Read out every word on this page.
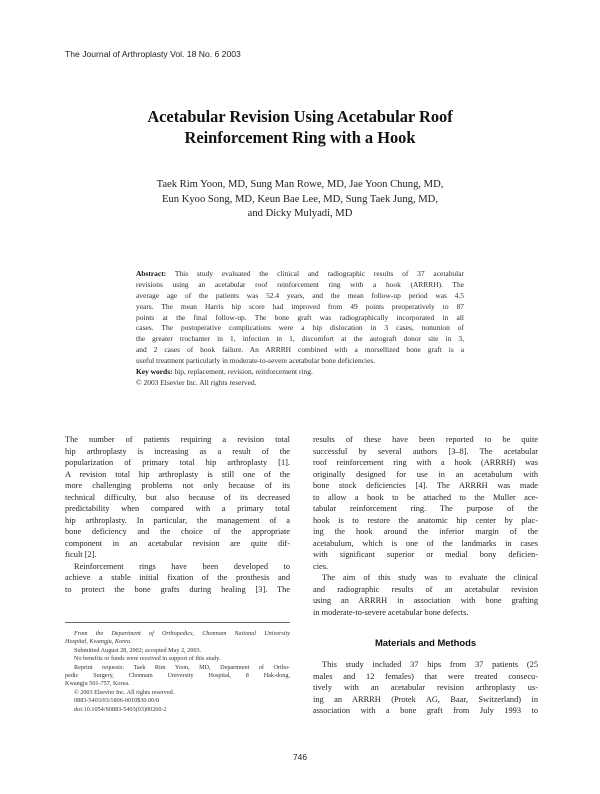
The Journal of Arthroplasty Vol. 18 No. 6 2003
Acetabular Revision Using Acetabular Roof
Reinforcement Ring with a Hook
Taek Rim Yoon, MD, Sung Man Rowe, MD, Jae Yoon Chung, MD,
Eun Kyoo Song, MD, Keun Bae Lee, MD, Sung Taek Jung, MD,
and Dicky Mulyadi, MD
Abstract: This study evaluated the clinical and radiographic results of 37 acetabular
revisions using an acetabular roof reinforcement ring with a hook (ARRRH). The
average age of the patients was 52.4 years, and the mean follow-up period was 4.5
years. The mean Harris hip score had improved from 49 points preoperatively to 87
points at the final follow-up. The bone graft was radiographically incorporated in all
cases. The postoperative complications were a hip dislocation in 3 cases, nonunion of
the greater trochanter in 1, infection in 1, discomfort at the autograft donor site in 3,
and 2 cases of hook failure. An ARRRH combined with a morsellized bone graft is a
useful treatment particularly in moderate-to-severe acetabular bone deficiencies.
Key words: hip, replacement, revision, reinforcement ring.
© 2003 Elsevier Inc. All rights reserved.
The number of patients requiring a revision total
hip arthroplasty is increasing as a result of the
popularization of primary total hip arthroplasty [1].
A revision total hip arthroplasty is still one of the
more challenging problems not only because of its
technical difficulty, but also because of its decreased
predictability when compared with a primary total
hip arthroplasty. In particular, the management of a
bone deficiency and the choice of the appropriate
component in an acetabular revision are quite dif-
ficult [2].
Reinforcement rings have been developed to
achieve a stable initial fixation of the prosthesis and
to protect the bone grafts during healing [3]. The
results of these have been reported to be quite
successful by several authors [3–8]. The acetabular
roof reinforcement ring with a hook (ARRRH) was
originally designed for use in an acetabulum with
bone stock deficiencies [4]. The ARRRH was made
to allow a hook to be attached to the Muller ace-
tabular reinforcement ring. The purpose of the
hook is to restore the anatomic hip center by plac-
ing the hook around the inferior margin of the
acetabulum, which is one of the landmarks in cases
with significant superior or medial bony deficien-
cies.
The aim of this study was to evaluate the clinical
and radiographic results of an acetabular revision
using an ARRRH in association with bone grafting
in moderate-to-severe acetabular bone defects.
From the Department of Orthopedics, Chonnam National University
Hospital, Kwangju, Korea.
Submitted August 28, 2002; accepted May 2, 2003.
No benefits or funds were received in support of this study.
Reprint requests: Taek Rim Yoon, MD, Department of Ortho-
pedic Surgery, Chonnam University Hospital, 8 Hak-dong,
Kwangju 501-757, Korea.
© 2003 Elsevier Inc. All rights reserved.
0883-5403/03/1806-0010$30.00/0
doi:10.1054/S0883-5403(03)00260-2
Materials and Methods
This study included 37 hips from 37 patients (25
males and 12 females) that were treated consecu-
tively with an acetabular revision arthroplasty us-
ing an ARRRH (Protek AG, Baar, Switzerland) in
association with a bone graft from July 1993 to
746
